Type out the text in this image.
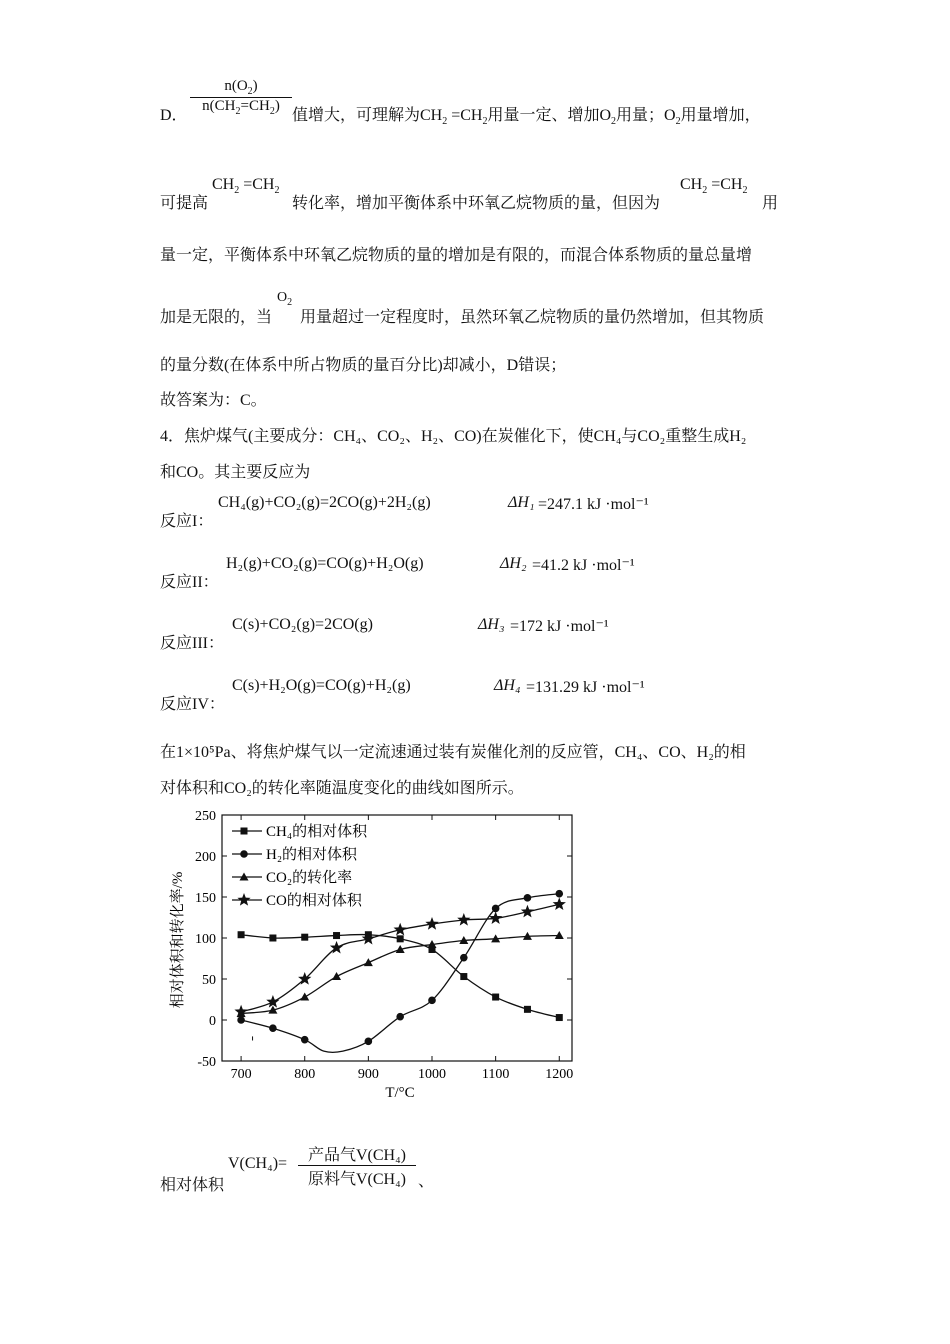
$n(O_2)$
$n(CH_2=CH_2)$
D．	值增大，可理解为$CH_2 =CH_2$用量一定、增加$O_2$用量；$O_2$用量增加，
可提高
$CH_2 =CH_2$
转化率，增加平衡体系中环氧乙烷物质的量，但因为
$CH_2 =CH_2$
用
量一定，平衡体系中环氧乙烷物质的量的增加是有限的，而混合体系物质的量总量增
加是无限的，当
$O_2$
用量超过一定程度时，虽然环氧乙烷物质的量仍然增加，但其物质
的量分数(在体系中所占物质的量百分比)却减小，D错误；
故答案为：C。
4．焦炉煤气(主要成分：CH₄、CO₂、H₂、CO)在炭催化下，使CH₄与CO₂重整生成H₂
和CO。其主要反应为
反应I：
CH₄(g)+CO₂(g)=2CO(g)+2H₂(g)	ΔH₁ =247.1 kJ ·mol⁻¹
反应II：
H₂(g)+CO₂(g)=CO(g)+H₂O(g)	ΔH₂ =41.2 kJ ·mol⁻¹
反应III：
C(s)+CO₂(g)=2CO(g)	ΔH₃ =172 kJ ·mol⁻¹
反应IV：
C(s)+H₂O(g)=CO(g)+H₂(g)	ΔH₄ =131.29 kJ ·mol⁻¹
在1×10⁵Pa、将焦炉煤气以一定流速通过装有炭催化剂的反应管，CH₄、CO、H₂的相
对体积和CO₂的转化率随温度变化的曲线如图所示。
700	800	900	1000	1100	1200
-50
0
50
100
150
200
250
CH₄的相对体积
H₂的相对体积
CO₂的转化率
CO的相对体积
T/°C
相对体积和转化率/%
相对体积
V(CH₄)=	产品气V(CH₄)
原料气V(CH₄) 、
